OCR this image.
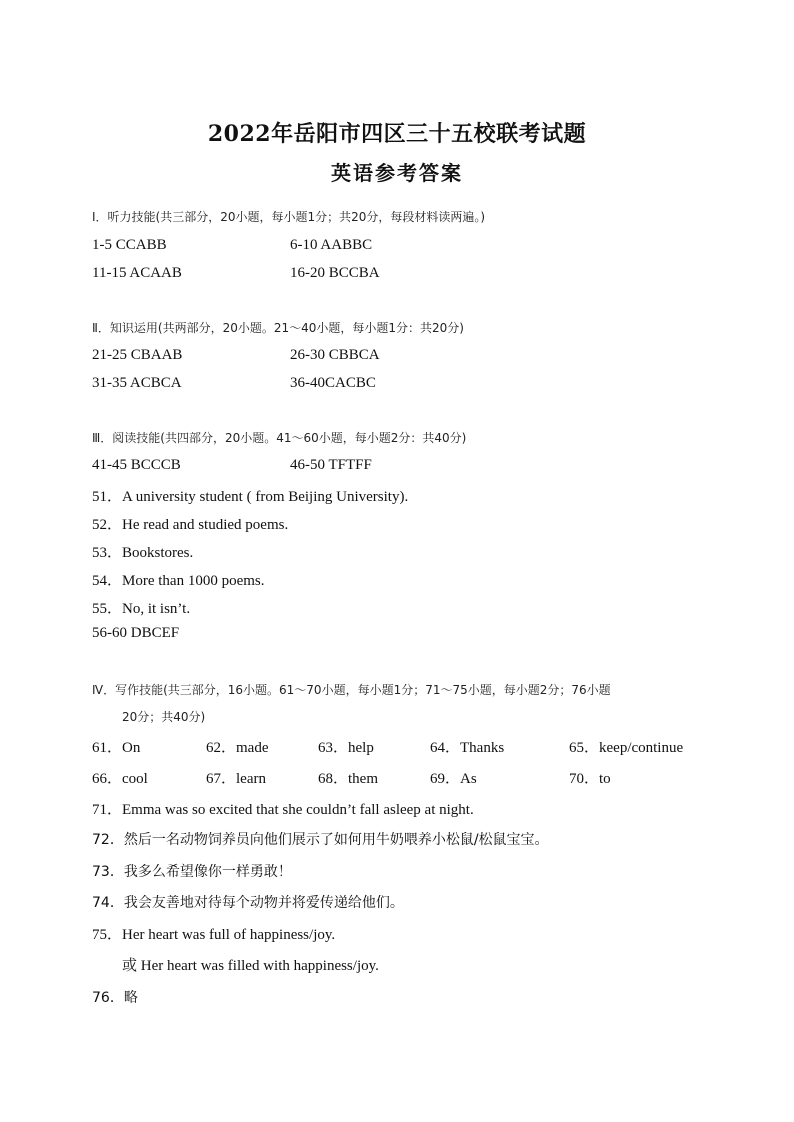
2022年岳阳市四区三十五校联考试题
英语参考答案
Ⅰ．听力技能(共三部分，20小题，每小题1分；共20分，每段材料读两遍。)
1-5 CCABB	6-10 AABBC
11-15 ACAAB	16-20 BCCBA
Ⅱ．知识运用(共两部分，20小题。21～40小题，每小题1分：共20分)
21-25 CBAAB	26-30 CBBCA
31-35 ACBCA	36-40CACBC
Ⅲ．阅读技能(共四部分，20小题。41～60小题，每小题2分：共40分)
41-45 BCCCB	46-50 TFTFF
51．A university student ( from Beijing University).
52．He read and studied poems.
53．Bookstores.
54．More than 1000 poems.
55．No, it isn’t.
56-60 DBCEF
Ⅳ．写作技能(共三部分，16小题。61～70小题，每小题1分；71～75小题，每小题2分；76小题
20分；共40分)
61．On	62．made	63．help	64．Thanks	65．keep/continue
66．cool	67．learn	68．them	69．As	70．to
71．Emma was so excited that she couldn’t fall asleep at night.
72．然后一名动物饲养员向他们展示了如何用牛奶喂养小松鼠/松鼠宝宝。
73．我多么希望像你一样勇敢！
74．我会友善地对待每个动物并将爱传递给他们。
75．Her heart was full of happiness/joy.
或 Her heart was filled with happiness/joy.
76．略
